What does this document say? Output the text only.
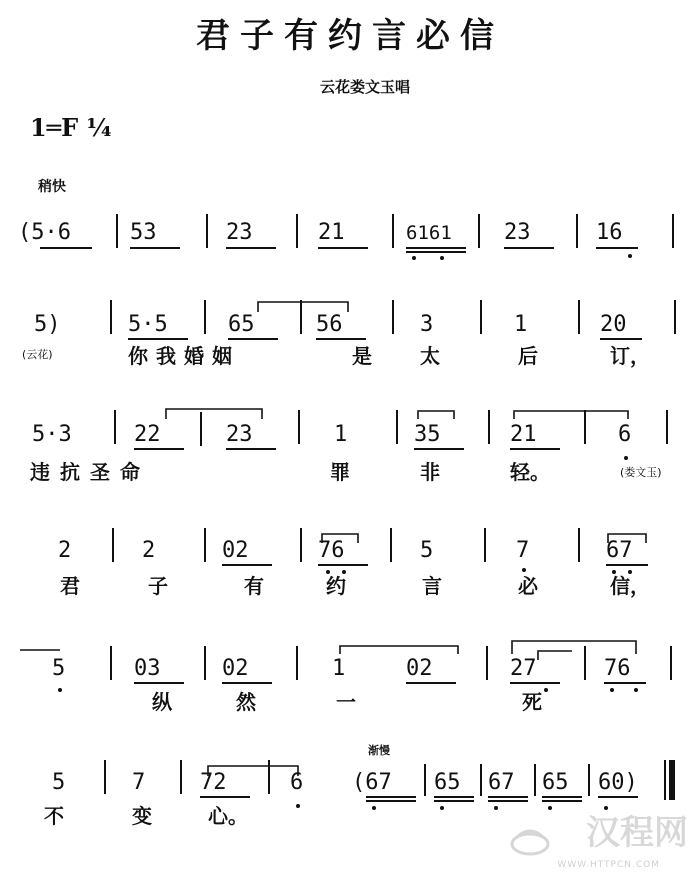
君子有约言必信
云花娄文玉唱
1═F ¼
稍快
(5·6	53	23	21	6161 23	16
5)	5·5	65	56	3	1	20
(云花)	你我婚姻	是 太	后	订，
5·3	22	23	1	35	21	6
违抗圣命	罪	非	轻。	(娄文玉)
2	2	02	76	5	7	67
君	子	有	约	言	必	信，
5	03	02	1	02	27	76
纵	然	一	死
渐慢
5	7 72	6 (67 65 67 65 60)
不	变	心。	汉程网
WWW.HTTPCN.COM
